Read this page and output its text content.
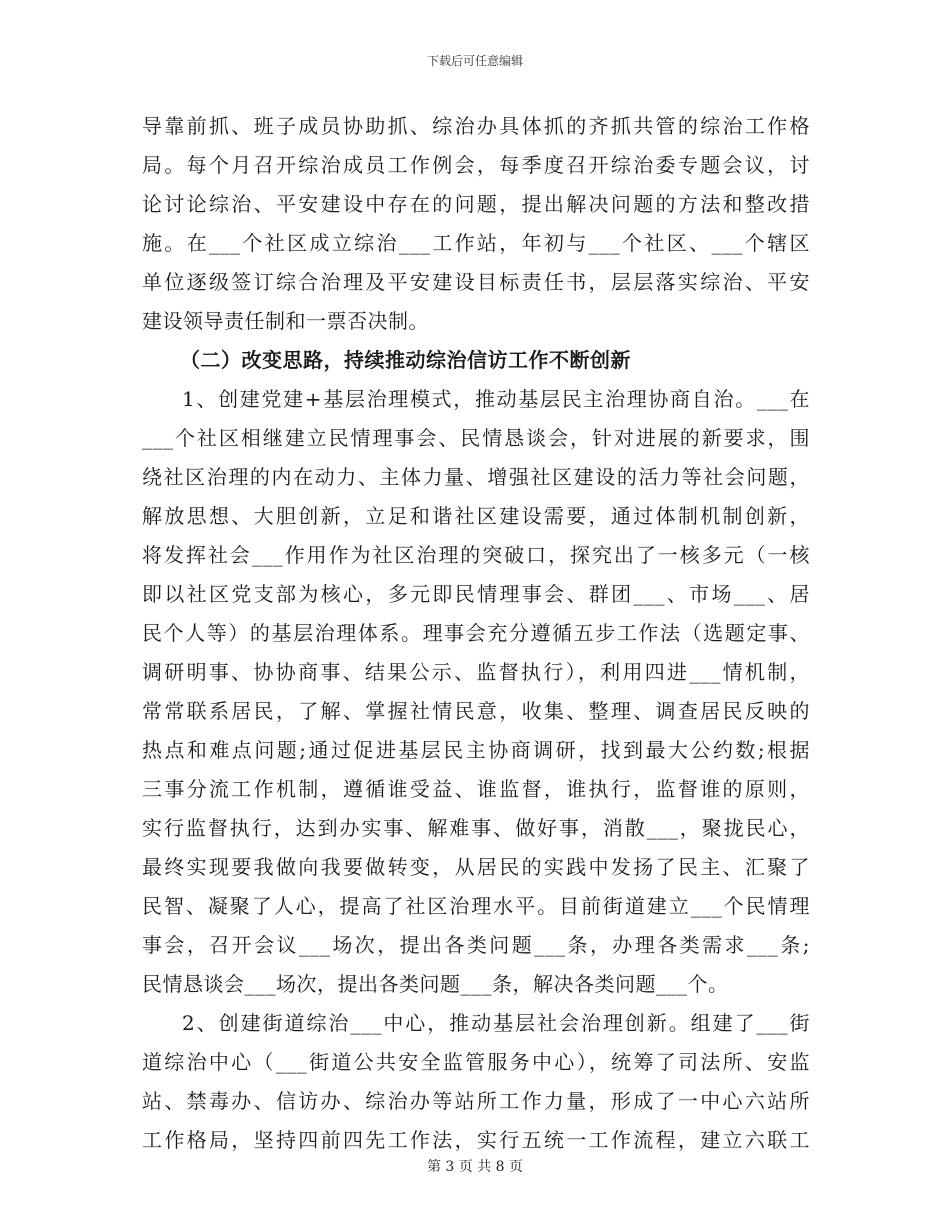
下载后可任意编辑
导靠前抓、班子成员协助抓、综治办具体抓的齐抓共管的综治工作格
局。每个月召开综治成员工作例会，每季度召开综治委专题会议，讨
论讨论综治、平安建设中存在的问题，提出解决问题的方法和整改措
施。在___个社区成立综治___工作站，年初与___个社区、___个辖区
单位逐级签订综合治理及平安建设目标责任书，层层落实综治、平安
建设领导责任制和一票否决制。
（二）改变思路，持续推动综治信访工作不断创新
1、创建党建+基层治理模式，推动基层民主治理协商自治。___在
___个社区相继建立民情理事会、民情恳谈会，针对进展的新要求，围
绕社区治理的内在动力、主体力量、增强社区建设的活力等社会问题，
解放思想、大胆创新，立足和谐社区建设需要，通过体制机制创新，
将发挥社会___作用作为社区治理的突破口，探究出了一核多元（一核
即以社区党支部为核心，多元即民情理事会、群团___、市场___、居
民个人等）的基层治理体系。理事会充分遵循五步工作法（选题定事、
调研明事、协协商事、结果公示、监督执行），利用四进___情机制，
常常联系居民，了解、掌握社情民意，收集、整理、调查居民反映的
热点和难点问题;通过促进基层民主协商调研，找到最大公约数;根据
三事分流工作机制，遵循谁受益、谁监督，谁执行，监督谁的原则，
实行监督执行，达到办实事、解难事、做好事，消散___，聚拢民心，
最终实现要我做向我要做转变，从居民的实践中发扬了民主、汇聚了
民智、凝聚了人心，提高了社区治理水平。目前街道建立___个民情理
事会，召开会议___场次，提出各类问题___条，办理各类需求___条;
民情恳谈会___场次，提出各类问题___条，解决各类问题___个。
2、创建街道综治___中心，推动基层社会治理创新。组建了___街
道综治中心（___街道公共安全监管服务中心），统筹了司法所、安监
站、禁毒办、信访办、综治办等站所工作力量，形成了一中心六站所
工作格局，坚持四前四先工作法，实行五统一工作流程，建立六联工
第 3 页 共 8 页
